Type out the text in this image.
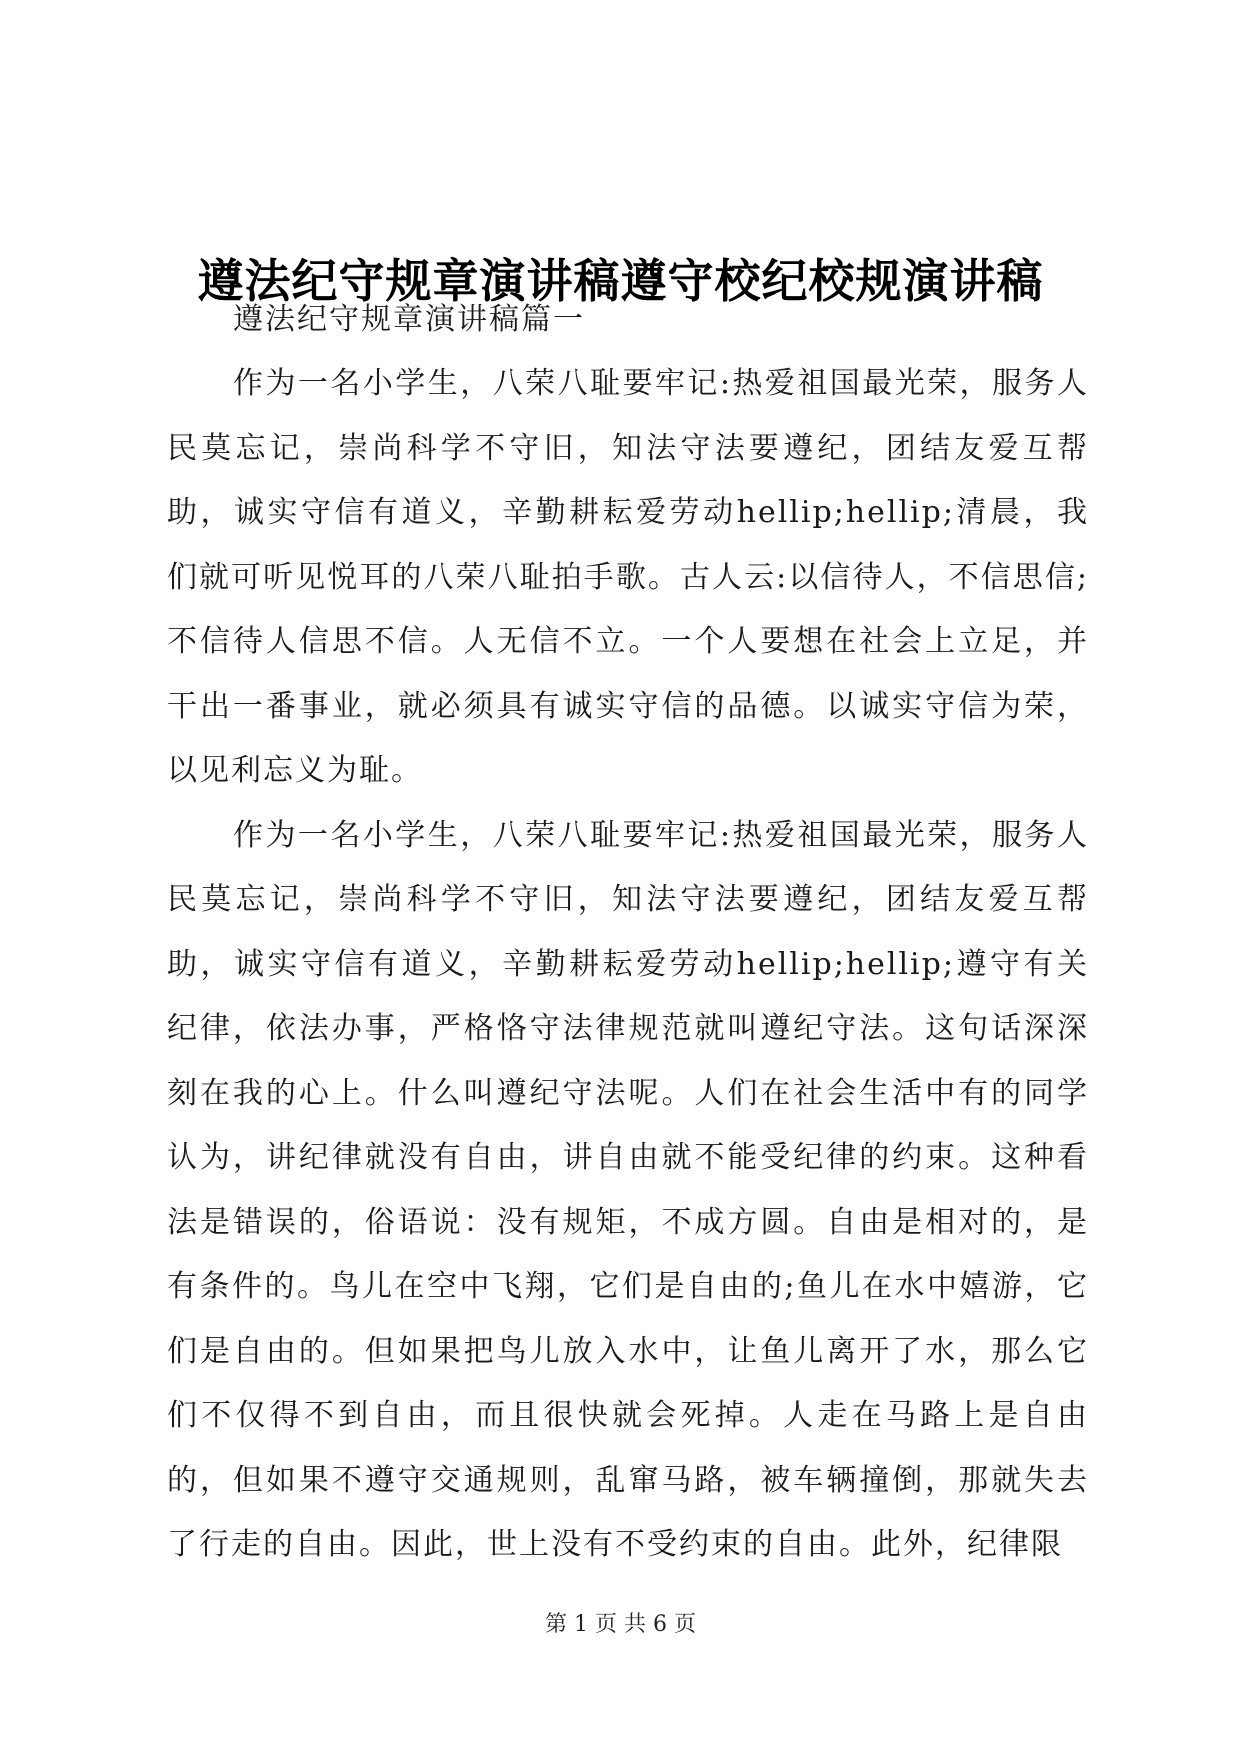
遵法纪守规章演讲稿遵守校纪校规演讲稿

遵法纪守规章演讲稿篇一

作为一名小学生，八荣八耻要牢记:热爱祖国最光荣，服务人民莫忘记，崇尚科学不守旧，知法守法要遵纪，团结友爱互帮助，诚实守信有道义，辛勤耕耘爱劳动hellip;hellip;清晨，我们就可听见悦耳的八荣八耻拍手歌。古人云:以信待人，不信思信;不信待人信思不信。人无信不立。一个人要想在社会上立足，并干出一番事业，就必须具有诚实守信的品德。以诚实守信为荣，以见利忘义为耻。

作为一名小学生，八荣八耻要牢记:热爱祖国最光荣，服务人民莫忘记，崇尚科学不守旧，知法守法要遵纪，团结友爱互帮助，诚实守信有道义，辛勤耕耘爱劳动hellip;hellip;遵守有关纪律，依法办事，严格恪守法律规范就叫遵纪守法。这句话深深刻在我的心上。什么叫遵纪守法呢。人们在社会生活中有的同学认为，讲纪律就没有自由，讲自由就不能受纪律的约束。这种看法是错误的，俗语说：没有规矩，不成方圆。自由是相对的，是有条件的。鸟儿在空中飞翔，它们是自由的;鱼儿在水中嬉游，它们是自由的。但如果把鸟儿放入水中，让鱼儿离开了水，那么它们不仅得不到自由，而且很快就会死掉。人走在马路上是自由的，但如果不遵守交通规则，乱窜马路，被车辆撞倒，那就失去了行走的自由。因此，世上没有不受约束的自由。此外，纪律限

第 1 页 共 6 页
